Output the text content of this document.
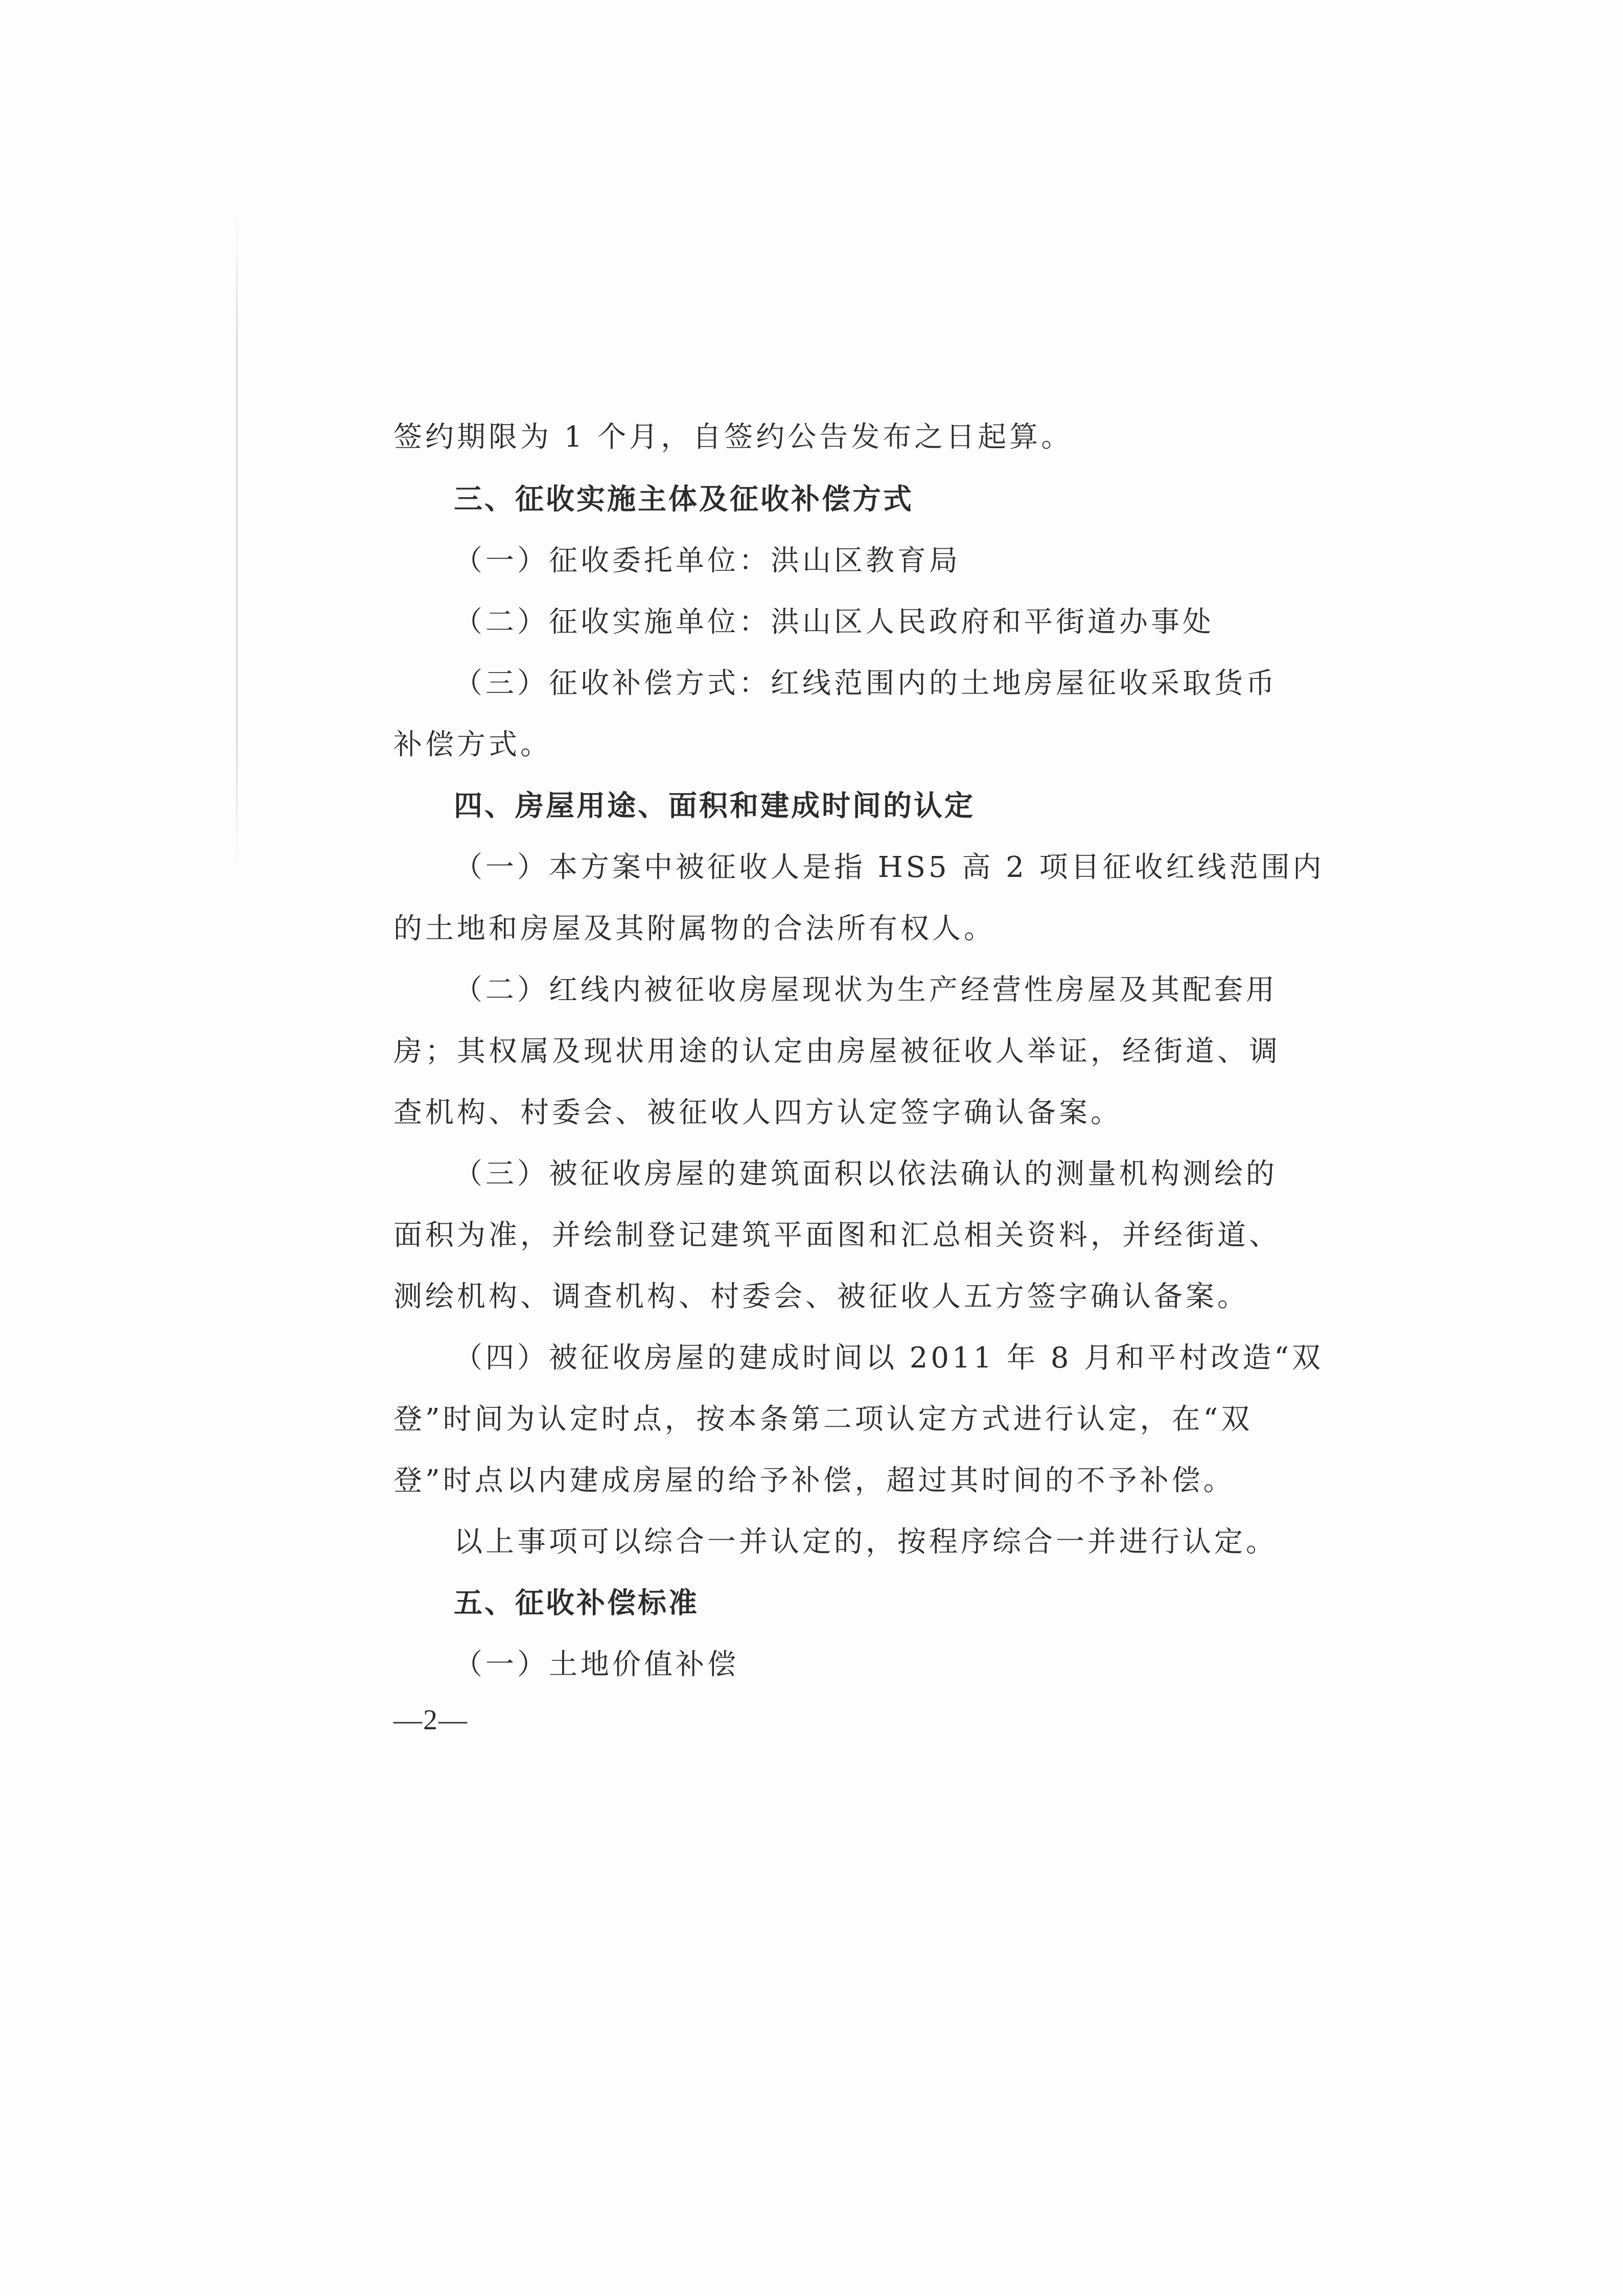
签约期限为 1 个月，自签约公告发布之日起算。
三、征收实施主体及征收补偿方式
（一）征收委托单位：洪山区教育局
（二）征收实施单位：洪山区人民政府和平街道办事处
（三）征收补偿方式：红线范围内的土地房屋征收采取货币
补偿方式。
四、房屋用途、面积和建成时间的认定
（一）本方案中被征收人是指 HS5 高 2 项目征收红线范围内
的土地和房屋及其附属物的合法所有权人。
（二）红线内被征收房屋现状为生产经营性房屋及其配套用
房；其权属及现状用途的认定由房屋被征收人举证，经街道、调
查机构、村委会、被征收人四方认定签字确认备案。
（三）被征收房屋的建筑面积以依法确认的测量机构测绘的
面积为准，并绘制登记建筑平面图和汇总相关资料，并经街道、
测绘机构、调查机构、村委会、被征收人五方签字确认备案。
（四）被征收房屋的建成时间以 2011 年 8 月和平村改造“双
登”时间为认定时点，按本条第二项认定方式进行认定，在“双
登”时点以内建成房屋的给予补偿，超过其时间的不予补偿。
以上事项可以综合一并认定的，按程序综合一并进行认定。
五、征收补偿标准
（一）土地价值补偿
—2—
